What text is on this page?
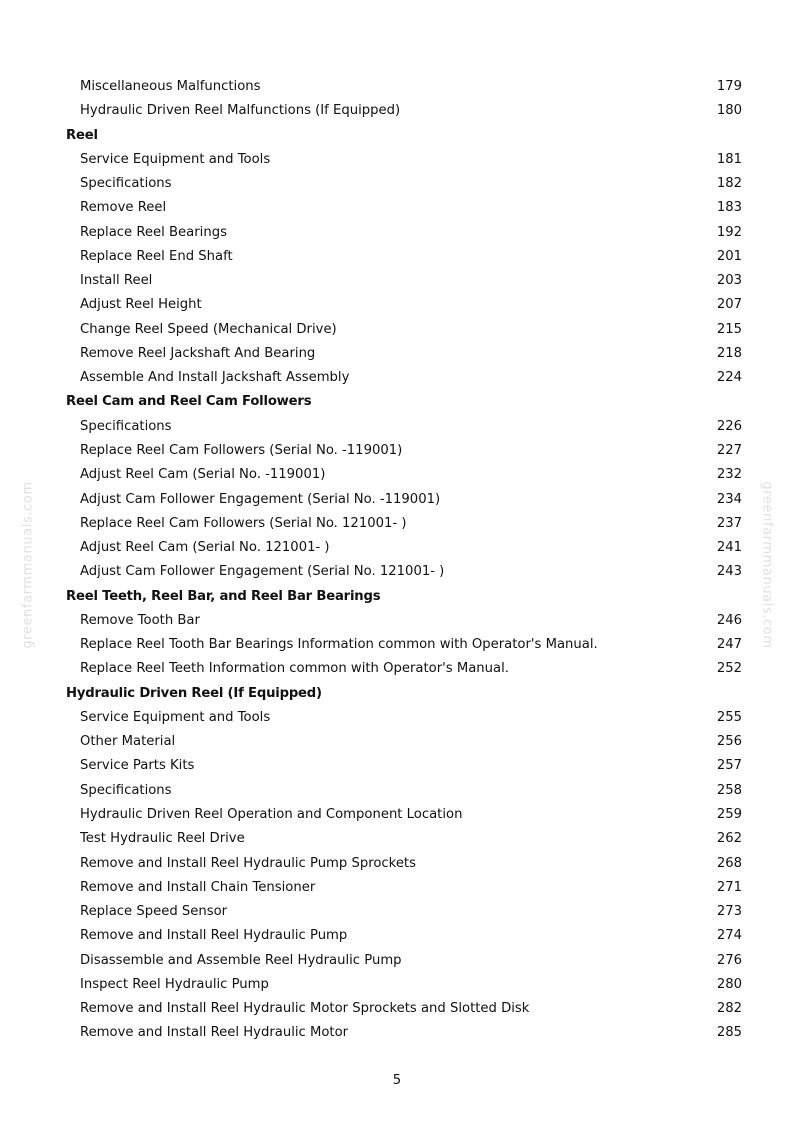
greenfarmmanuals.com	greenfarmmanuals.com
Miscellaneous Malfunctions	179
Hydraulic Driven Reel Malfunctions (If Equipped)	180
Reel
Service Equipment and Tools	181
Specifications	182
Remove Reel	183
Replace Reel Bearings	192
Replace Reel End Shaft	201
Install Reel	203
Adjust Reel Height	207
Change Reel Speed (Mechanical Drive)	215
Remove Reel Jackshaft And Bearing	218
Assemble And Install Jackshaft Assembly	224
Reel Cam and Reel Cam Followers
Specifications	226
Replace Reel Cam Followers (Serial No. -119001)	227
Adjust Reel Cam (Serial No. -119001)	232
Adjust Cam Follower Engagement (Serial No. -119001)	234
Replace Reel Cam Followers (Serial No. 121001- )	237
Adjust Reel Cam (Serial No. 121001- )	241
Adjust Cam Follower Engagement (Serial No. 121001- )	243
Reel Teeth, Reel Bar, and Reel Bar Bearings
Remove Tooth Bar	246
Replace Reel Tooth Bar Bearings Information common with Operator's Manual.	247
Replace Reel Teeth Information common with Operator's Manual.	252
Hydraulic Driven Reel (If Equipped)
Service Equipment and Tools	255
Other Material	256
Service Parts Kits	257
Specifications	258
Hydraulic Driven Reel Operation and Component Location	259
Test Hydraulic Reel Drive	262
Remove and Install Reel Hydraulic Pump Sprockets	268
Remove and Install Chain Tensioner	271
Replace Speed Sensor	273
Remove and Install Reel Hydraulic Pump	274
Disassemble and Assemble Reel Hydraulic Pump	276
Inspect Reel Hydraulic Pump	280
Remove and Install Reel Hydraulic Motor Sprockets and Slotted Disk	282
Remove and Install Reel Hydraulic Motor	285
5
